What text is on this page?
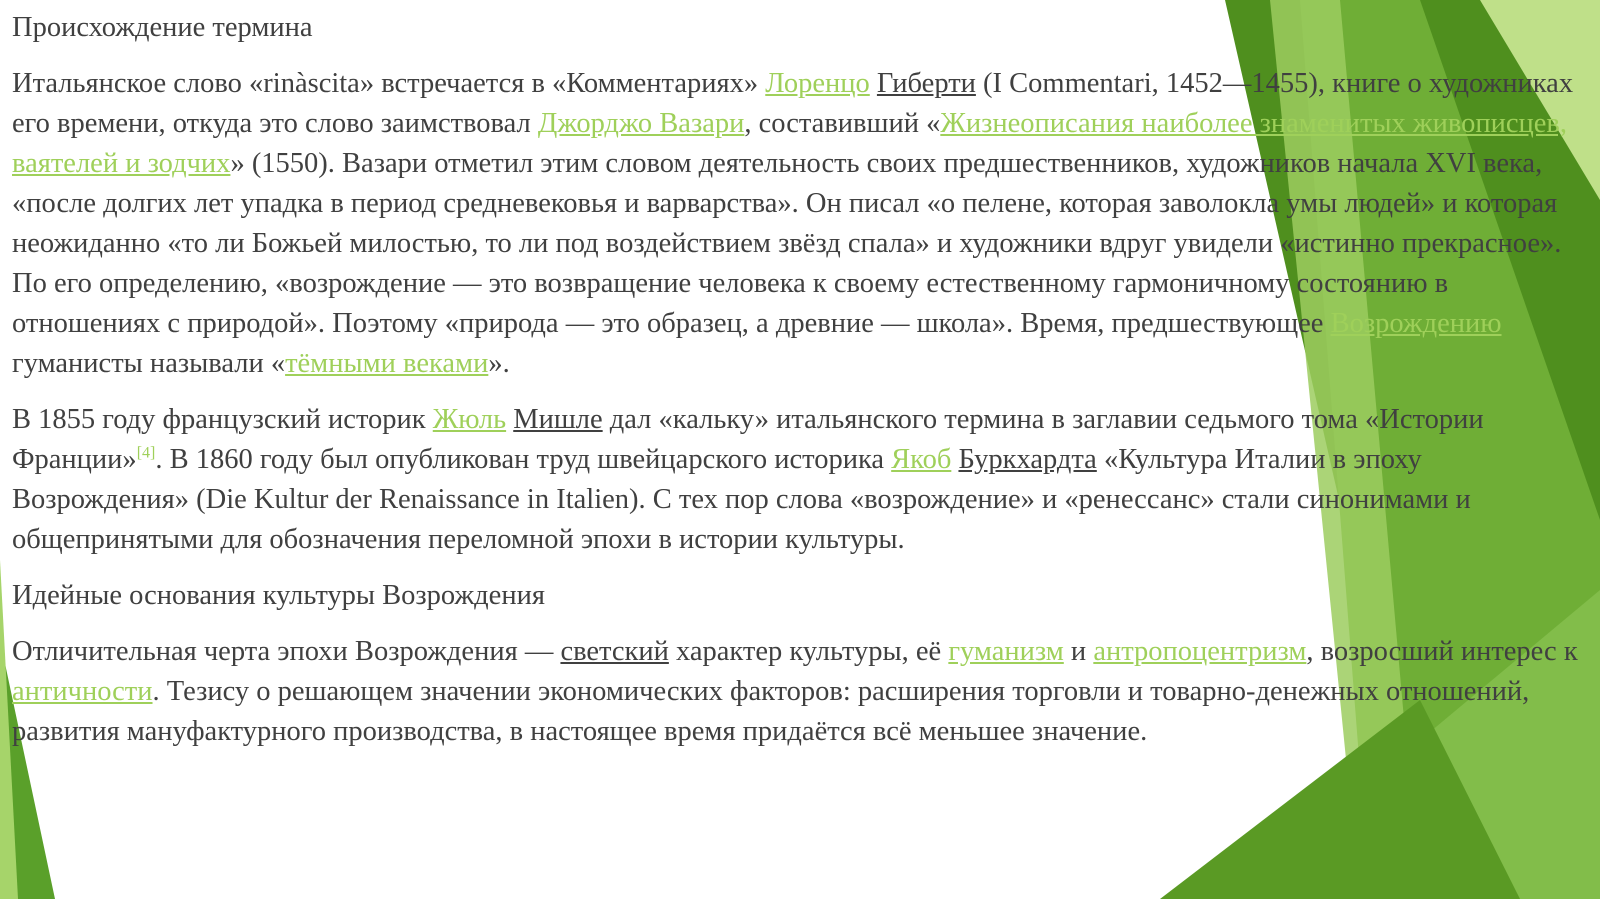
Происхождение термина

Итальянское слово «rinàscita» встречается в «Комментариях» Лоренцо Гиберти (I Commentari, 1452—1455), книге о художниках его времени, откуда это слово заимствовал Джорджо Вазари, составивший «Жизнеописания наиболее знаменитых живописцев, ваятелей и зодчих» (1550). Вазари отметил этим словом деятельность своих предшественников, художников начала XVI века, «после долгих лет упадка в период средневековья и варварства». Он писал «о пелене, которая заволокла умы людей» и которая неожиданно «то ли Божьей милостью, то ли под воздействием звёзд спала» и художники вдруг увидели «истинно прекрасное». По его определению, «возрождение — это возвращение человека к своему естественному гармоничному состоянию в отношениях с природой». Поэтому «природа — это образец, а древние — школа». Время, предшествующее Возрождению гуманисты называли «тёмными веками».

В 1855 году французский историк Жюль Мишле дал «кальку» итальянского термина в заглавии седьмого тома «Истории Франции»[4]. В 1860 году был опубликован труд швейцарского историка Якоб Буркхардта «Культура Италии в эпоху Возрождения» (Die Kultur der Renaissance in Italien). С тех пор слова «возрождение» и «ренессанс» стали синонимами и общепринятыми для обозначения переломной эпохи в истории культуры.

Идейные основания культуры Возрождения

Отличительная черта эпохи Возрождения — светский характер культуры, её гуманизм и антропоцентризм, возросший интерес к античности. Тезису о решающем значении экономических факторов: расширения торговли и товарно-денежных отношений, развития мануфактурного производства, в настоящее время придаётся всё меньшее значение.
